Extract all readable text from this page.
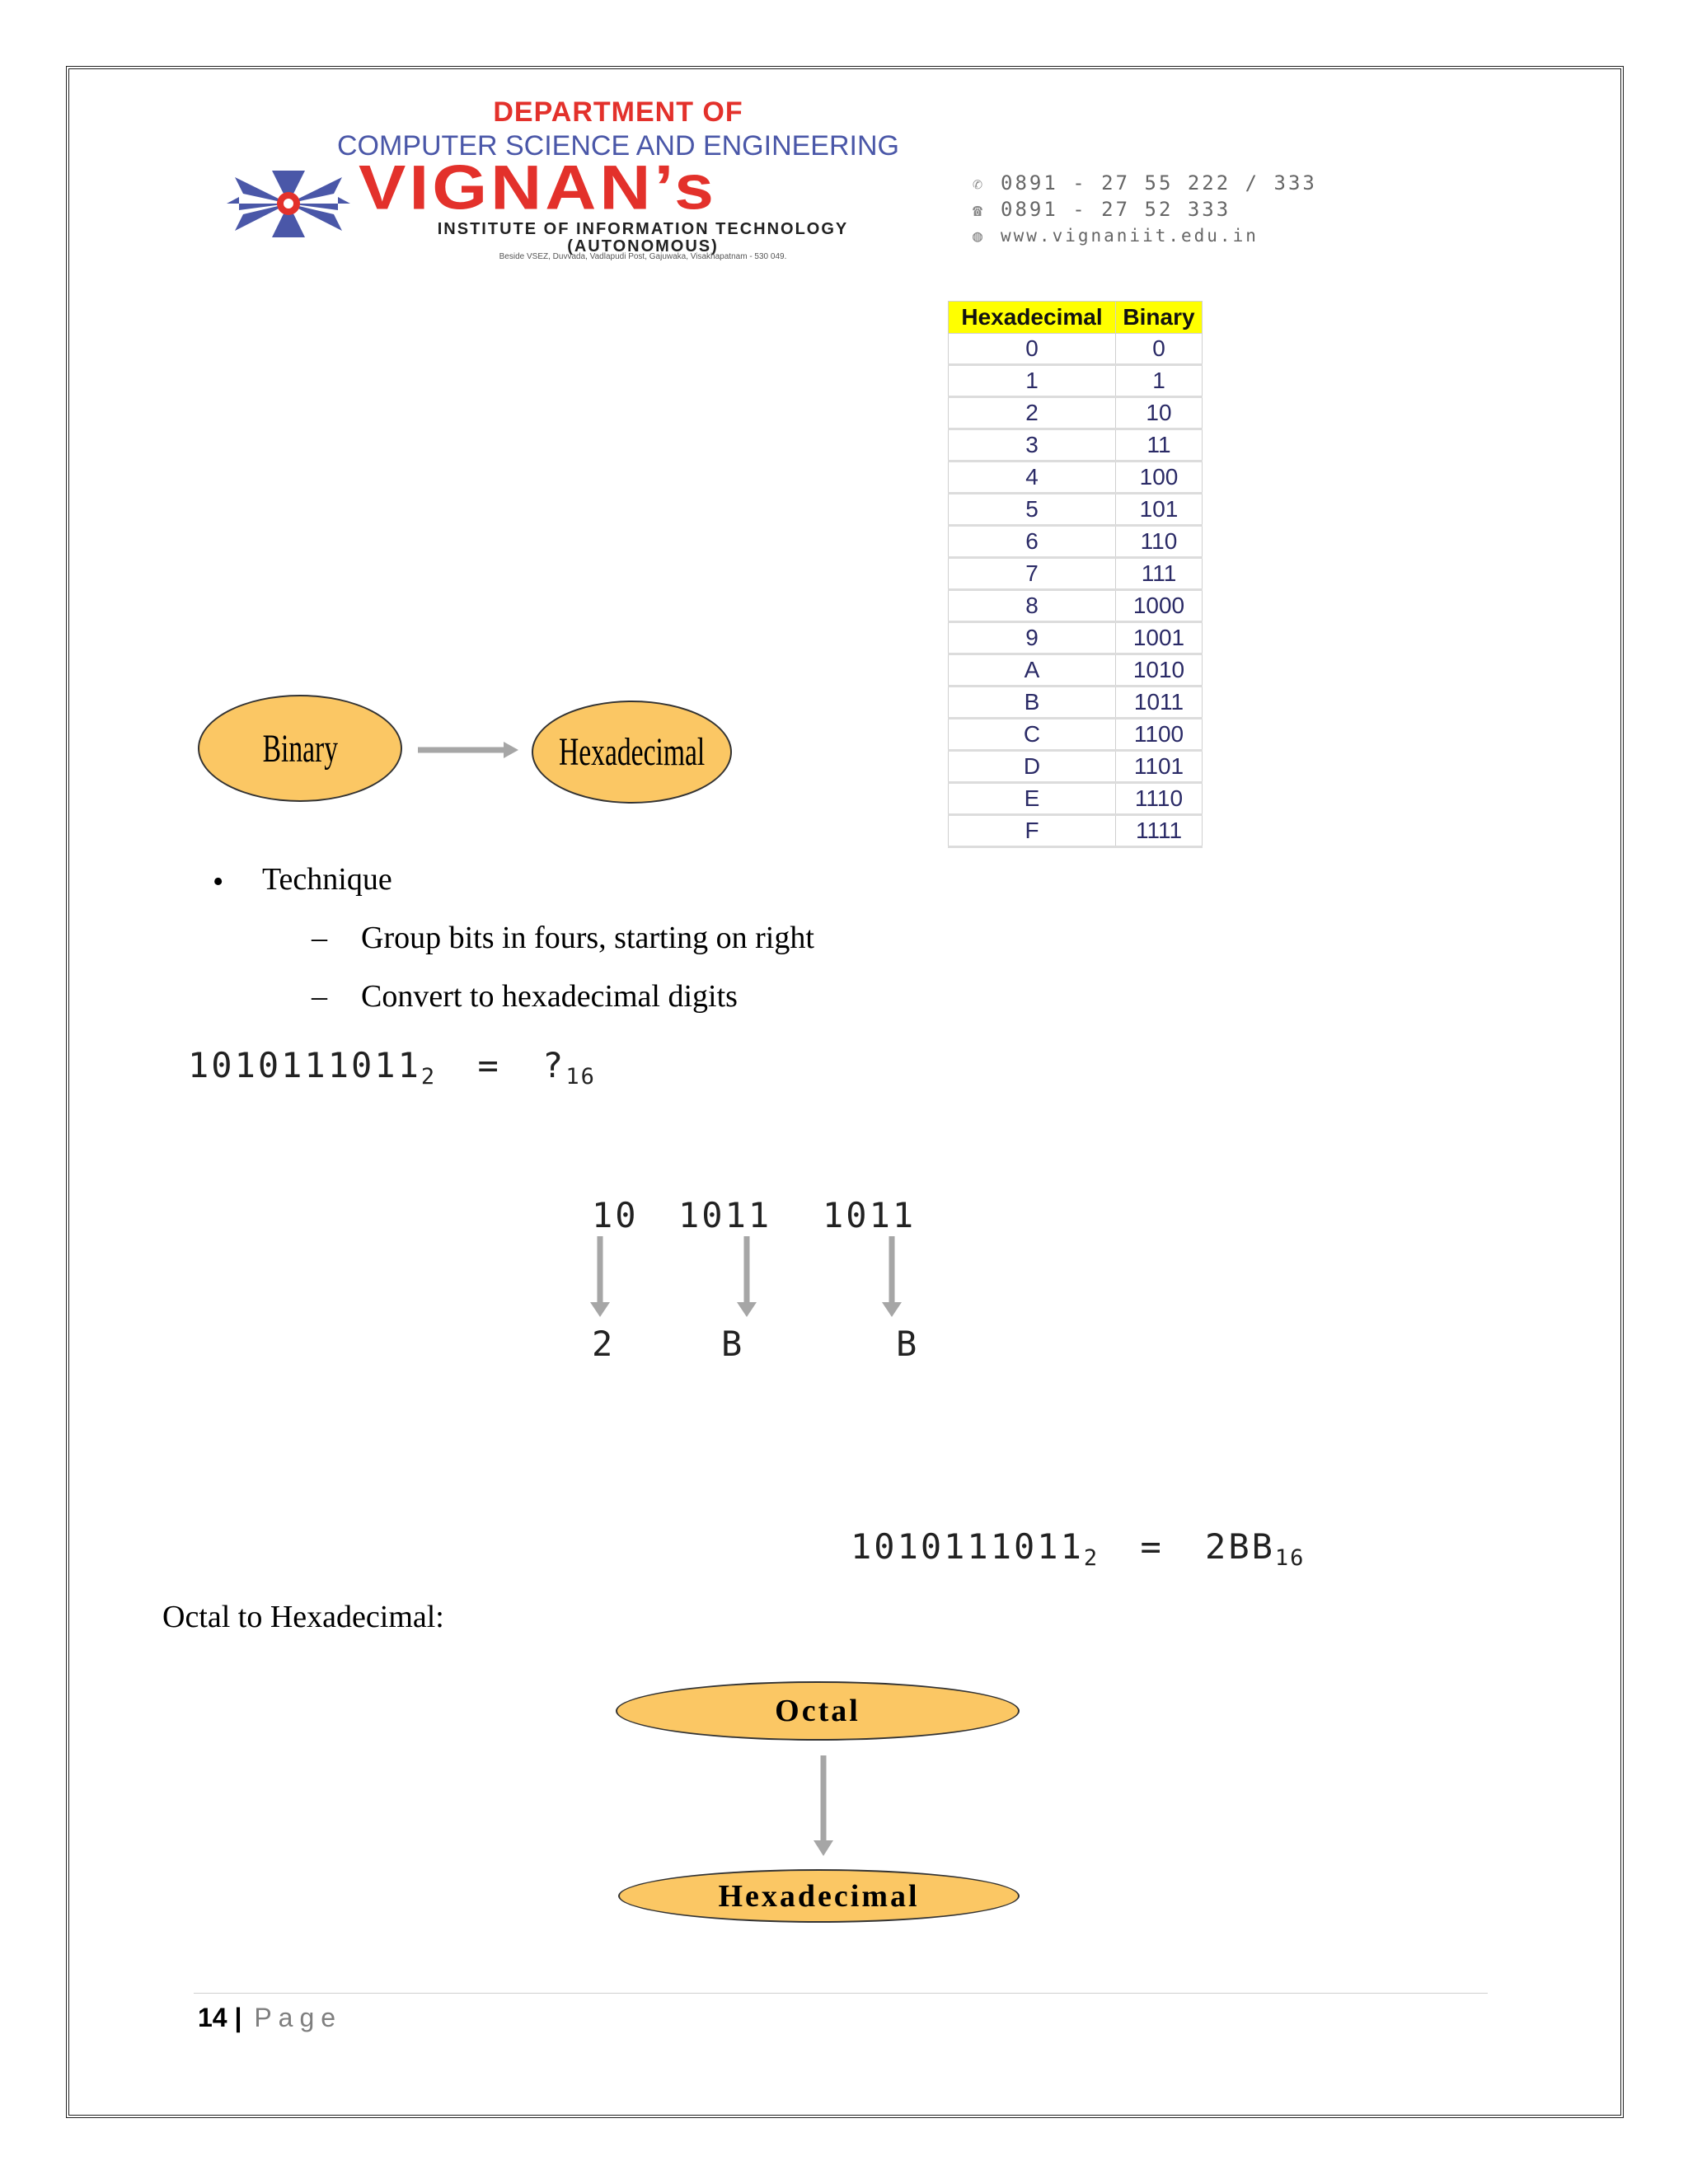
DEPARTMENT OF
COMPUTER SCIENCE AND ENGINEERING
VIGNAN’s
INSTITUTE OF INFORMATION TECHNOLOGY
(AUTONOMOUS)
Beside VSEZ, Duvvada, Vadlapudi Post, Gajuwaka, Visakhapatnam - 530 049.
✆ 0891 - 27 55 222 / 333
☎ 0891 - 27 52 333
◍ www.vignaniit.edu.in
Hexadecimal	Binary
0	0
1	1
2	10
3	11
4	100
5	101
6	110
7	111
8	1000
9	1001
A	1010
B	1011
C	1100
D	1101
E	1110
F	1111
Binary	Hexadecimal
• Technique
– Group bits in fours, starting on right
– Convert to hexadecimal digits
$1010111011_2$ = $?_{16}$
10 1011 1011
2	B	B
$1010111011_2 = 2BB_{16}$
Octal to Hexadecimal:
Octal
Hexadecimal
14 | Page
